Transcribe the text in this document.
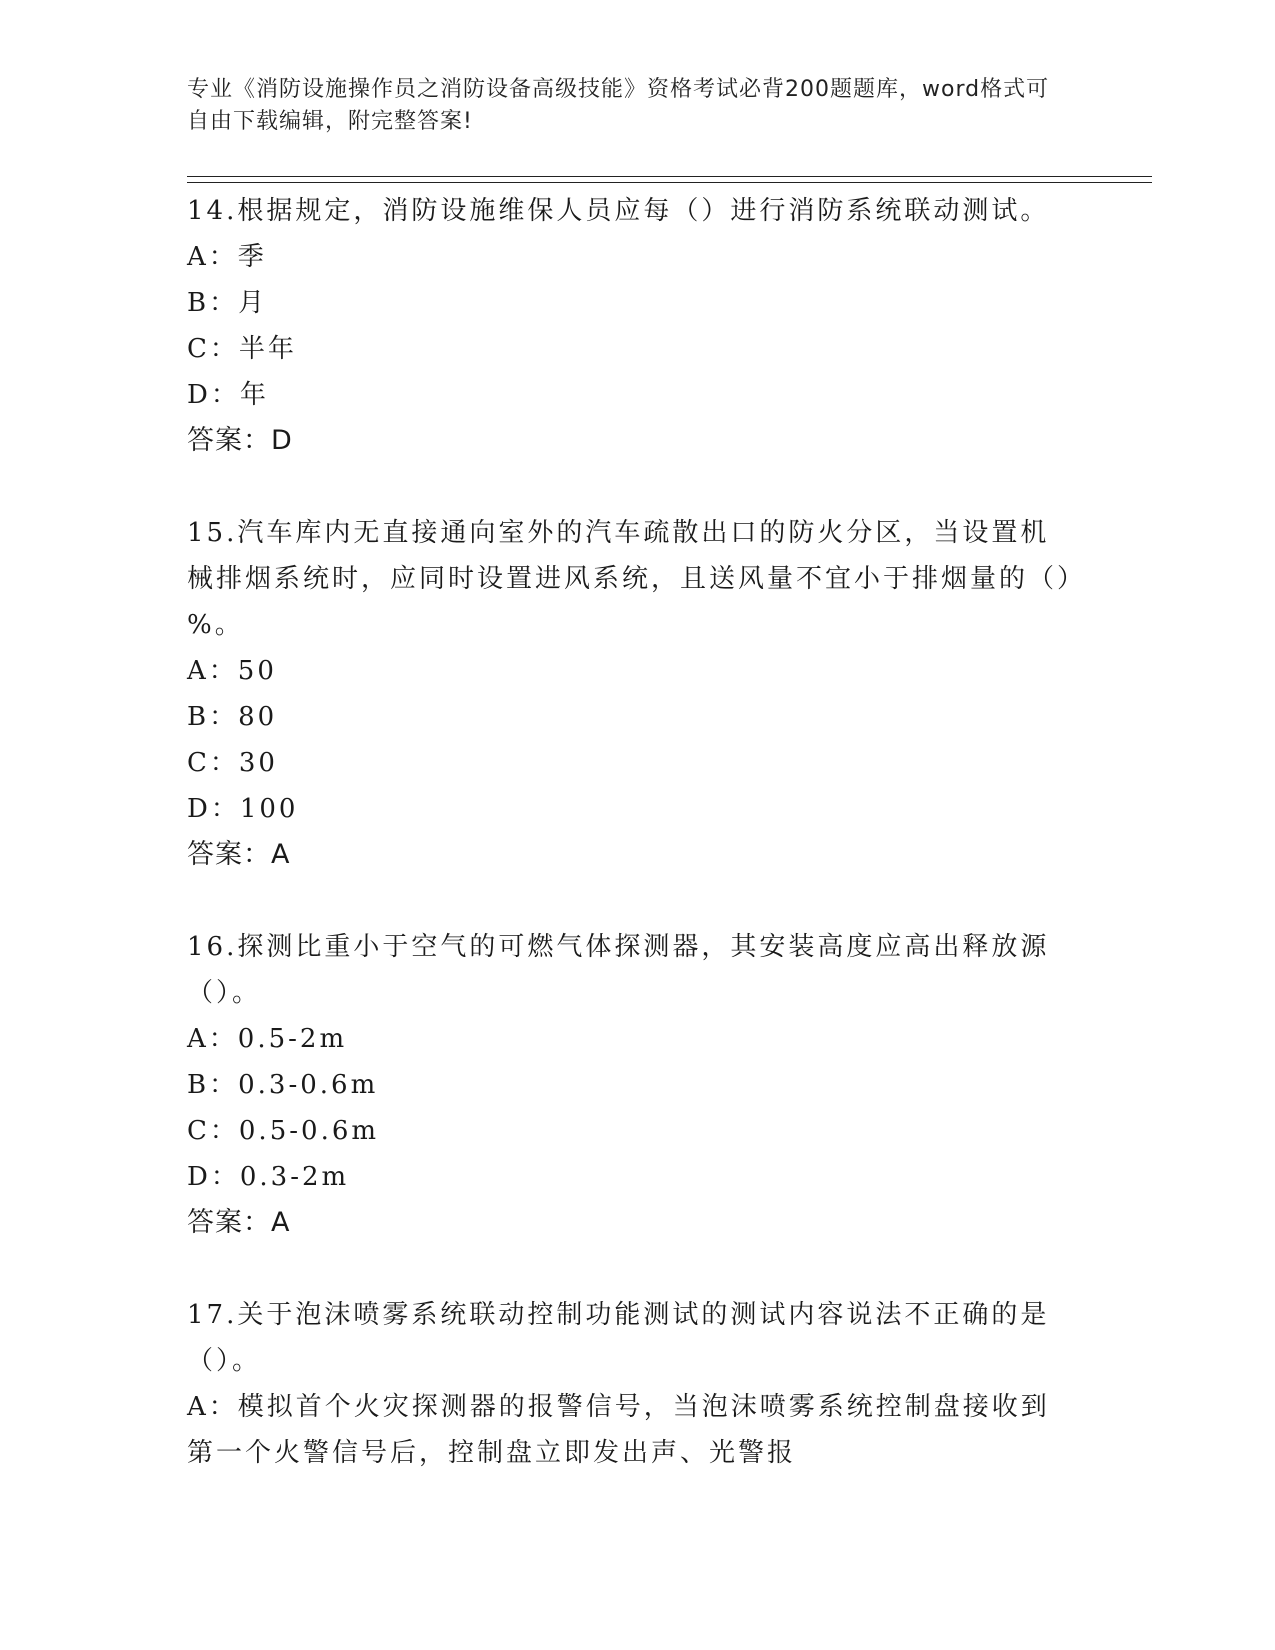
专业《消防设施操作员之消防设备高级技能》资格考试必背200题题库，word格式可自由下载编辑，附完整答案!
14.根据规定，消防设施维保人员应每（）进行消防系统联动测试。
A：季
B：月
C：半年
D：年
答案：D
15.汽车库内无直接通向室外的汽车疏散出口的防火分区，当设置机械排烟系统时，应同时设置进风系统，且送风量不宜小于排烟量的（）%。
A：50
B：80
C：30
D：100
答案：A
16.探测比重小于空气的可燃气体探测器，其安装高度应高出释放源（）。
A：0.5-2m
B：0.3-0.6m
C：0.5-0.6m
D：0.3-2m
答案：A
17.关于泡沫喷雾系统联动控制功能测试的测试内容说法不正确的是（）。
A：模拟首个火灾探测器的报警信号，当泡沫喷雾系统控制盘接收到第一个火警信号后，控制盘立即发出声、光警报
